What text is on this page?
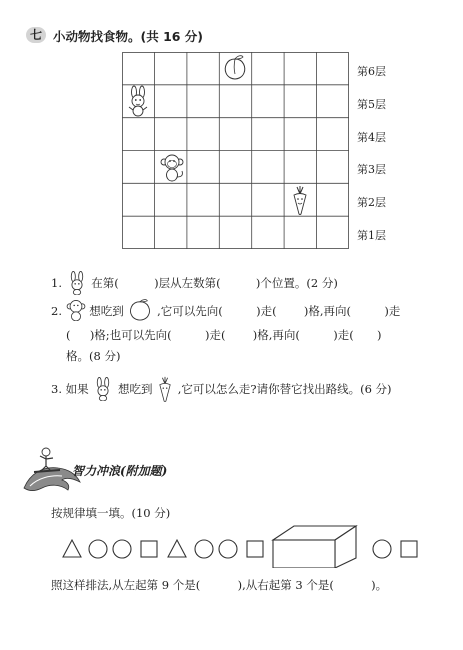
七 小动物找食物。(共 16 分)
第6层
第5层
第4层
第3层
第2层
第1层
1.	在第(	)层从左数第(	)个位置。(2 分)
2. 想吃到	,它可以先向(	)走( )格,再向(	)走
( )格;也可以先向(	)走( )格,再向(	)走( )
格。(8 分)
3. 如果	想吃到 ,它可以怎么走?请你替它找出路线。(6 分)
智力冲浪(附加题)
按规律填一填。(10 分)
照这样排法,从左起第 9 个是(	),从右起第 3 个是(	)。
